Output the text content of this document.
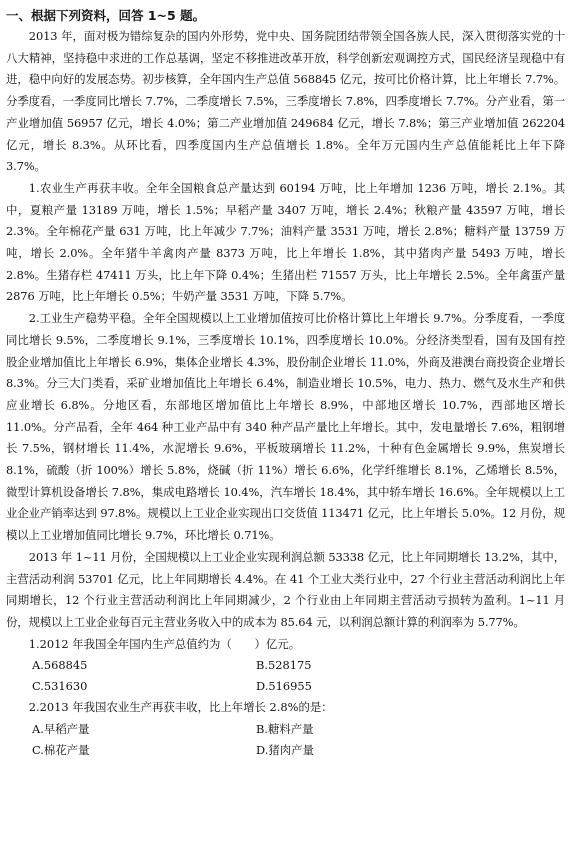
一、根据下列资料，回答 1~5 题。

2013 年，面对极为错综复杂的国内外形势，党中央、国务院团结带领全国各族人民，深入贯彻落实党的十八大精神，坚持稳中求进的工作总基调，坚定不移推进改革开放，科学创新宏观调控方式，国民经济呈现稳中有进，稳中向好的发展态势。初步核算，全年国内生产总值 568845 亿元，按可比价格计算，比上年增长 7.7%。分季度看，一季度同比增长 7.7%，二季度增长 7.5%，三季度增长 7.8%，四季度增长 7.7%。分产业看，第一产业增加值 56957 亿元，增长 4.0%；第二产业增加值 249684 亿元，增长 7.8%；第三产业增加值 262204 亿元，增长 8.3%。从环比看，四季度国内生产总值增长 1.8%。全年万元国内生产总值能耗比上年下降 3.7%。

1.农业生产再获丰收。全年全国粮食总产量达到 60194 万吨，比上年增加 1236 万吨，增长 2.1%。其中，夏粮产量 13189 万吨，增长 1.5%；早稻产量 3407 万吨，增长 2.4%；秋粮产量 43597 万吨，增长 2.3%。全年棉花产量 631 万吨，比上年减少 7.7%；油料产量 3531 万吨，增长 2.8%；糖料产量 13759 万吨，增长 2.0%。全年猪牛羊禽肉产量 8373 万吨，比上年增长 1.8%，其中猪肉产量 5493 万吨，增长 2.8%。生猪存栏 47411 万头，比上年下降 0.4%；生猪出栏 71557 万头，比上年增长 2.5%。全年禽蛋产量 2876 万吨，比上年增长 0.5%；牛奶产量 3531 万吨，下降 5.7%。

2.工业生产稳势平稳。全年全国规模以上工业增加值按可比价格计算比上年增长 9.7%。分季度看，一季度同比增长 9.5%，二季度增长 9.1%，三季度增长 10.1%，四季度增长 10.0%。分经济类型看，国有及国有控股企业增加值比上年增长 6.9%，集体企业增长 4.3%，股份制企业增长 11.0%，外商及港澳台商投资企业增长 8.3%。分三大门类看，采矿业增加值比上年增长 6.4%，制造业增长 10.5%，电力、热力、燃气及水生产和供应业增长 6.8%。分地区看，东部地区增加值比上年增长 8.9%，中部地区增长 10.7%，西部地区增长 11.0%。分产品看，全年 464 种工业产品中有 340 种产品产量比上年增长。其中，发电量增长 7.6%，粗钢增长 7.5%，钢材增长 11.4%，水泥增长 9.6%，平板玻璃增长 11.2%，十种有色金属增长 9.9%，焦炭增长 8.1%，硫酸（折 100%）增长 5.8%，烧碱（折 11%）增长 6.6%，化学纤维增长 8.1%，乙烯增长 8.5%，微型计算机设备增长 7.8%，集成电路增长 10.4%，汽车增长 18.4%，其中轿车增长 16.6%。全年规模以上工业企业产销率达到 97.8%。规模以上工业企业实现出口交货值 113471 亿元，比上年增长 5.0%。12 月份，规模以上工业增加值同比增长 9.7%，环比增长 0.71%。

2013 年 1~11 月份，全国规模以上工业企业实现利润总额 53338 亿元，比上年同期增长 13.2%，其中，主营活动利润 53701 亿元，比上年同期增长 4.4%。在 41 个工业大类行业中，27 个行业主营活动利润比上年同期增长，12 个行业主营活动利润比上年同期减少，2 个行业由上年同期主营活动亏损转为盈利。1~11 月份，规模以上工业企业每百元主营业务收入中的成本为 85.64 元，以利润总额计算的利润率为 5.77%。

1.2012 年我国全年国内生产总值约为（　　）亿元。

A.568845	B.528175
C.531630	D.516955

2.2013 年我国农业生产再获丰收，比上年增长 2.8%的是：

A.早稻产量	B.糖料产量
C.棉花产量	D.猪肉产量
